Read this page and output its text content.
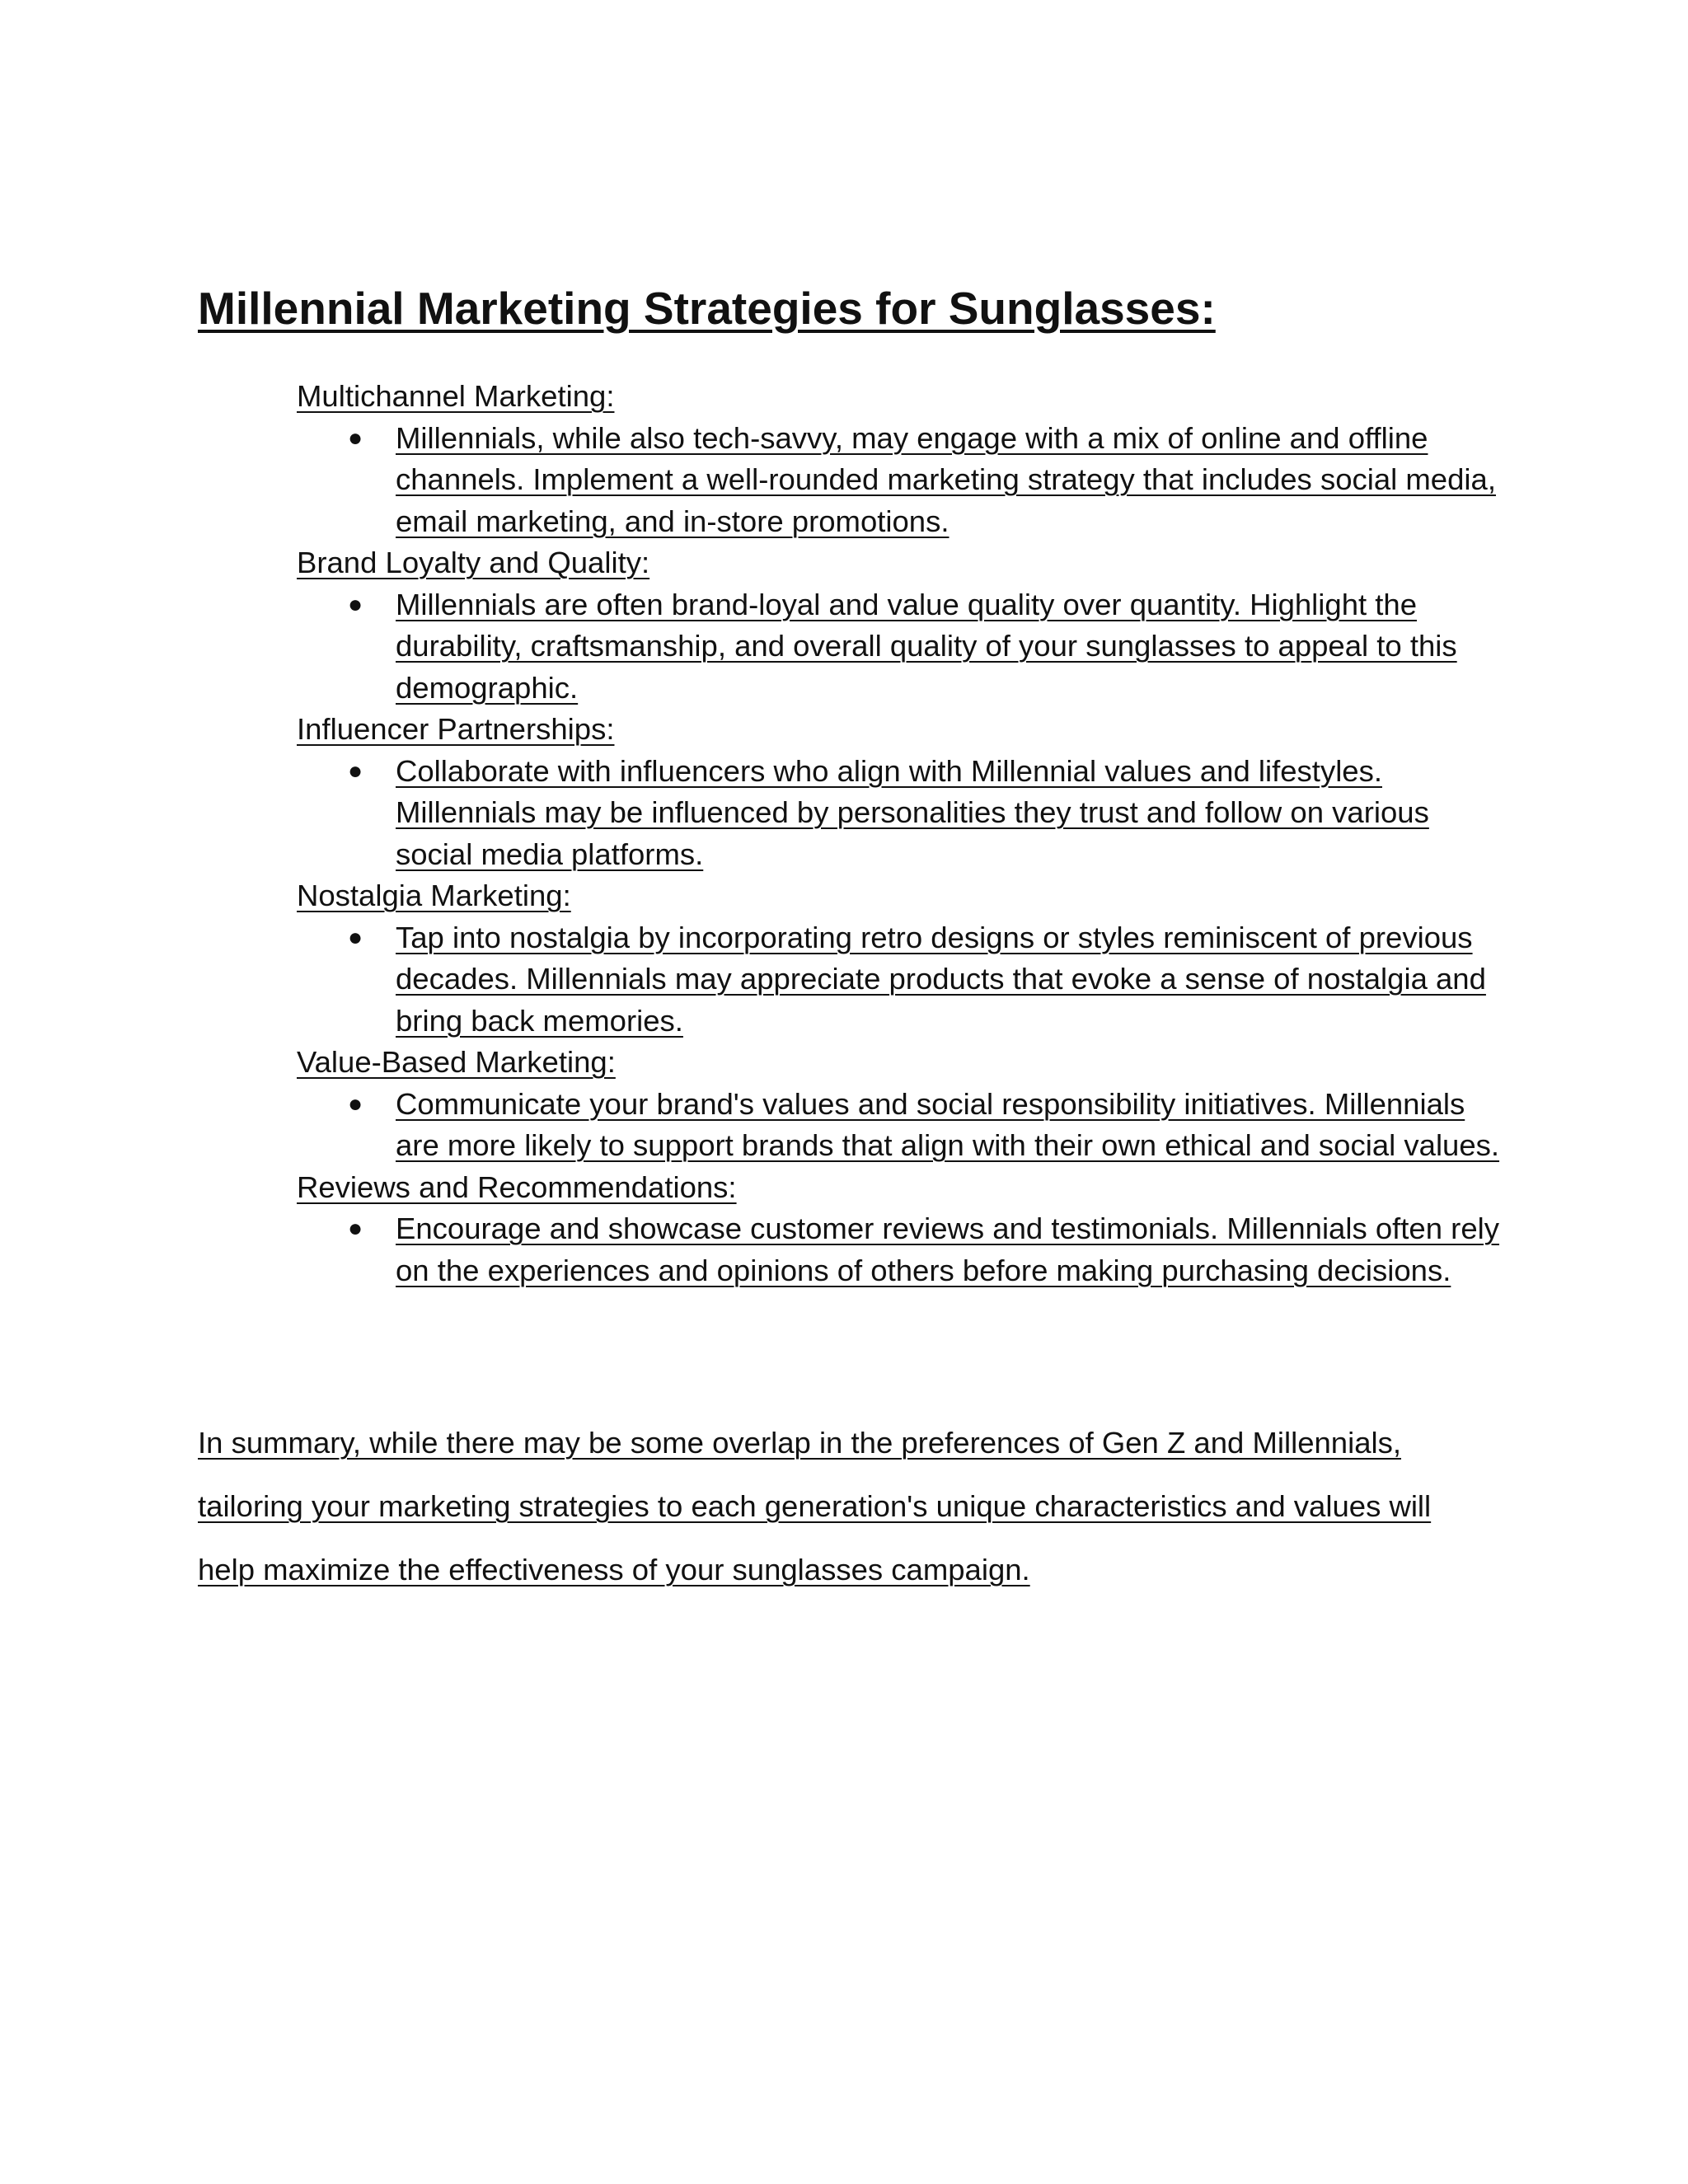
Millennial Marketing Strategies for Sunglasses:

Multichannel Marketing:

● Millennials, while also tech-savvy, may engage with a mix of online and offline channels. Implement a well-rounded marketing strategy that includes social media, email marketing, and in-store promotions.

Brand Loyalty and Quality:

● Millennials are often brand-loyal and value quality over quantity. Highlight the durability, craftsmanship, and overall quality of your sunglasses to appeal to this demographic.

Influencer Partnerships:

● Collaborate with influencers who align with Millennial values and lifestyles. Millennials may be influenced by personalities they trust and follow on various social media platforms.

Nostalgia Marketing:

● Tap into nostalgia by incorporating retro designs or styles reminiscent of previous decades. Millennials may appreciate products that evoke a sense of nostalgia and bring back memories.

Value-Based Marketing:

● Communicate your brand's values and social responsibility initiatives. Millennials are more likely to support brands that align with their own ethical and social values.

Reviews and Recommendations:

● Encourage and showcase customer reviews and testimonials. Millennials often rely on the experiences and opinions of others before making purchasing decisions.

In summary, while there may be some overlap in the preferences of Gen Z and Millennials, tailoring your marketing strategies to each generation's unique characteristics and values will help maximize the effectiveness of your sunglasses campaign.
